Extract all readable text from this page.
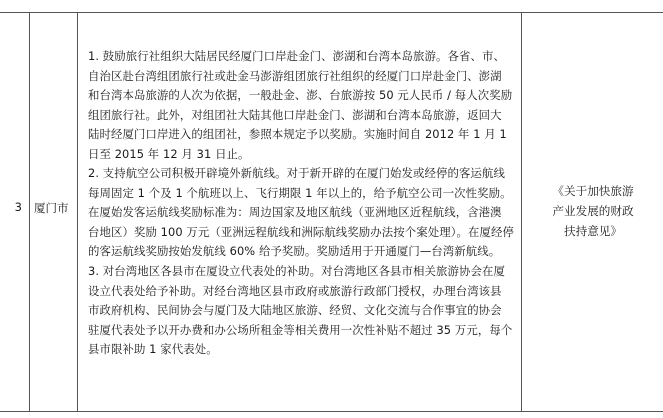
3 厦门市
1. 鼓励旅行社组织大陆居民经厦门口岸赴金门、澎湖和台湾本岛旅游。各省、市、
自治区赴台湾组团旅行社或赴金马澎游组团旅行社组织的经厦门口岸赴金门、澎湖
和台湾本岛旅游的人次为依据，一般赴金、澎、台旅游按 50 元人民币 / 每人次奖励
组团旅行社。此外，对组团社大陆其他口岸赴金门、澎湖和台湾本岛旅游，返回大
陆时经厦门口岸进入的组团社，参照本规定予以奖励。实施时间自 2012 年 1 月 1
日至 2015 年 12 月 31 日止。
2. 支持航空公司积极开辟境外新航线。对于新开辟的在厦门始发或经停的客运航线
每周固定 1 个及 1 个航班以上、飞行期限 1 年以上的，给予航空公司一次性奖励。
在厦始发客运航线奖励标准为：周边国家及地区航线（亚洲地区近程航线，含港澳
台地区）奖励 100 万元（亚洲远程航线和洲际航线奖励办法按个案处理）。在厦经停
的客运航线奖励按始发航线 60% 给予奖励。奖励适用于开通厦门—台湾新航线。
3. 对台湾地区各县市在厦设立代表处的补助。对台湾地区各县市相关旅游协会在厦
设立代表处给予补助。对经台湾地区县市政府或旅游行政部门授权，办理台湾该县
市政府机构、民间协会与厦门及大陆地区旅游、经贸、文化交流与合作事宜的协会
驻厦代表处予以开办费和办公场所租金等相关费用一次性补贴不超过 35 万元，每个
县市限补助 1 家代表处。
《关于加快旅游
产业发展的财政
扶持意见》
